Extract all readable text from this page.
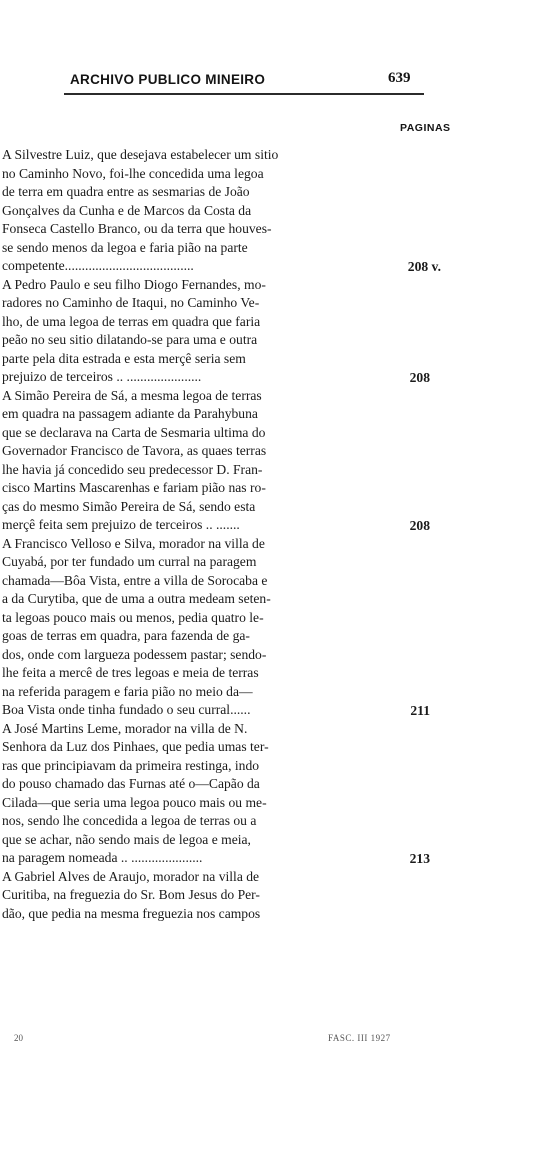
ARCHIVO PUBLICO MINEIRO	639
PAGINAS
A Silvestre Luiz, que desejava estabelecer um sitio
no Caminho Novo, foi-lhe concedida uma legoa
de terra em quadra entre as sesmarias de João
Gonçalves da Cunha e de Marcos da Costa da
Fonseca Castello Branco, ou da terra que houves-
se sendo menos da legoa e faria pião na parte
competente......................................	208 v.
A Pedro Paulo e seu filho Diogo Fernandes, mo-
radores no Caminho de Itaqui, no Caminho Ve-
lho, de uma legoa de terras em quadra que faria
peão no seu sitio dilatando-se para uma e outra
parte pela dita estrada e esta merçê seria sem
prejuizo de terceiros .. ......................	208
A Simão Pereira de Sá, a mesma legoa de terras
em quadra na passagem adiante da Parahybuna
que se declarava na Carta de Sesmaria ultima do
Governador Francisco de Tavora, as quaes terras
lhe havia já concedido seu predecessor D. Fran-
cisco Martins Mascarenhas e fariam pião nas ro-
ças do mesmo Simão Pereira de Sá, sendo esta
merçê feita sem prejuizo de terceiros .. .......	208
A Francisco Velloso e Silva, morador na villa de
Cuyabá, por ter fundado um curral na paragem
chamada—Bôa Vista, entre a villa de Sorocaba e
a da Curytiba, que de uma a outra medeam seten-
ta legoas pouco mais ou menos, pedia quatro le-
goas de terras em quadra, para fazenda de ga-
dos, onde com largueza podessem pastar; sendo-
lhe feita a mercê de tres legoas e meia de terras
na referida paragem e faria pião no meio da—
Boa Vista onde tinha fundado o seu curral......	211
A José Martins Leme, morador na villa de N.
Senhora da Luz dos Pinhaes, que pedia umas ter-
ras que principiavam da primeira restinga, indo
do pouso chamado das Furnas até o—Capão da
Cilada—que seria uma legoa pouco mais ou me-
nos, sendo lhe concedida a legoa de terras ou a
que se achar, não sendo mais de legoa e meia,
na paragem nomeada .. .....................	213
A Gabriel Alves de Araujo, morador na villa de
Curitiba, na freguezia do Sr. Bom Jesus do Per-
dão, que pedia na mesma freguezia nos campos
20	FASC. III 1927
